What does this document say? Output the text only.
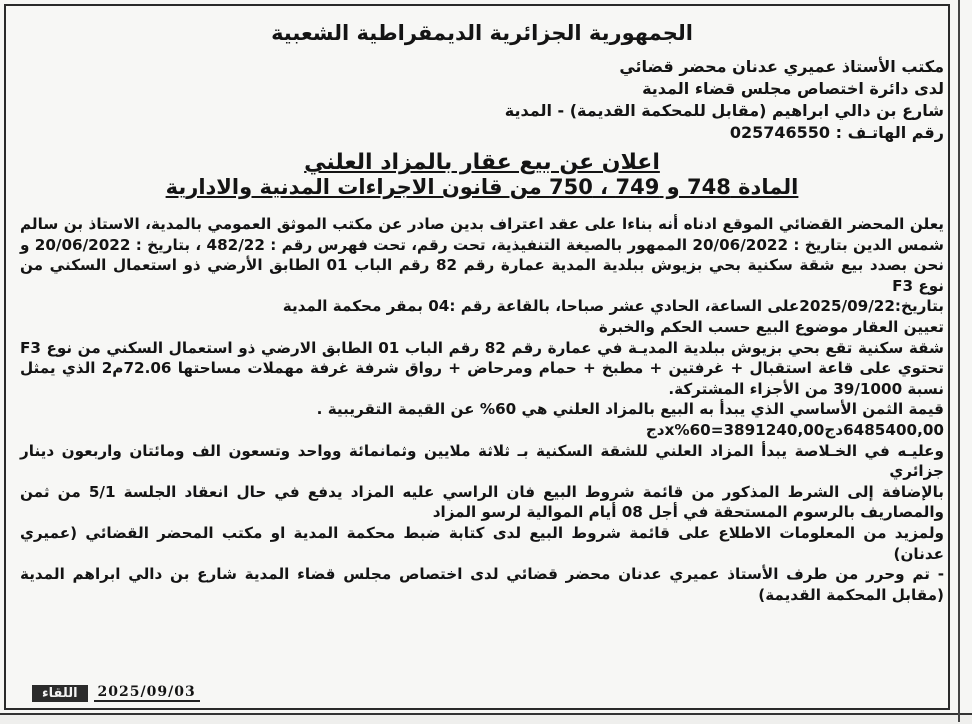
الجمهورية الجزائرية الديمقراطية الشعبية

مكتب الأستاذ عميري عدنان محضر قضائي

لدى دائرة اختصاص مجلس قضاء المدية

شارع بن دالي ابراهيم (مقابل للمحكمة القديمة) - المدية

رقم الهاتـف : 025746550

اعلان عن بيع عقار بالمزاد العلني
المادة 748 و 749 ، 750 من قانون الاجراءات المدنية والادارية

يعلن المحضر القضائي الموقع ادناه أنه بناءا على عقد اعتراف بدين صادر عن مكتب الموثق العمومي بالمدية، الاستاذ بن سالم شمس الدين بتاريخ : 20/06/2022 الممهور بالصيغة التنفيذية، تحت رقم، تحت فهرس رقم : 482/22 ، بتاريخ : 20/06/2022 و نحن بصدد بيع شقة سكنية بحي بزيوش ببلدية المدية عمارة رقم 82 رقم الباب 01 الطابق الأرضي ذو استعمال السكني من نوع F3

بتاريخ:2025/09/22على الساعة، الحادي عشر صباحا، بالقاعة رقم :04 بمقر محكمة المدية

تعيين العقار موضوع البيع حسب الحكم والخبرة

شقة سكنية تقع بحي بزيوش ببلدية المديـة في عمارة رقم 82 رقم الباب 01 الطابق الارضي ذو استعمال السكني من نوع F3 تحتوي على قاعة استقبال + غرفتين + مطبخ + حمام ومرحاض + رواق شرفة غرفة مهملات مساحتها 72.06م2 الذي يمثل نسبة 39/1000 من الأجزاء المشتركة.

قيمة الثمن الأساسي الذي يبدأ به البيع بالمزاد العلني هي 60% عن القيمة التقريبية .

6485400,00دجx%60=3891240,00دج

وعليـه في الخـلاصة يبدأ المزاد العلني للشقة السكنية بـ ثلاثة ملايين وثمانمائة وواحد وتسعون الف ومائتان واربعون دينار جزائري

بالإضافة إلى الشرط المذكور من قائمة شروط البيع فان الراسي عليه المزاد يدفع في حال انعقاد الجلسة 5/1 من ثمن والمصاريف بالرسوم المستحقة في أجل 08 أيام الموالية لرسو المزاد

ولمزيد من المعلومات الاطلاع على قائمة شروط البيع لدى كتابة ضبط محكمة المدية او مكتب المحضر القضائي (عميري عدنان)

- تم وحرر من طرف الأستاذ عميري عدنان محضر قضائي لدى اختصاص مجلس قضاء المدية شارع بن دالي ابراهم المدية (مقابل المحكمة القديمة)

اللقاء	2025/09/03
